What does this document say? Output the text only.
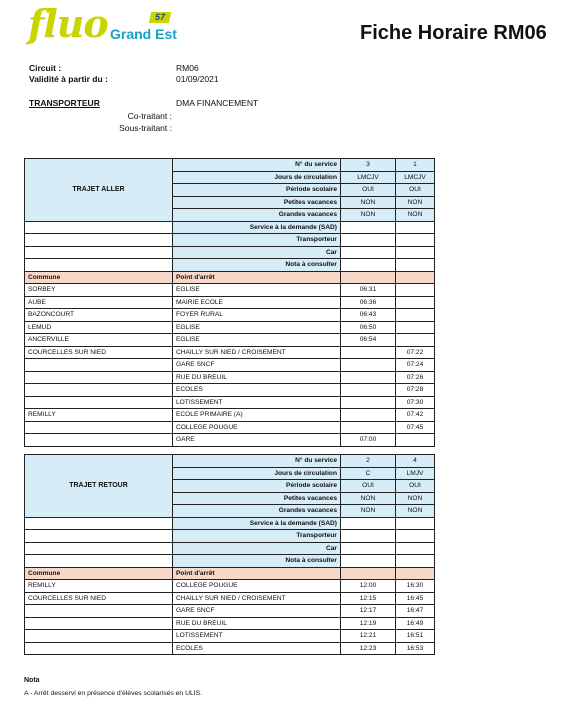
fluo	57
Grand Est	Fiche Horaire RM06
Circuit :	RM06
Validité à partir du :	01/09/2021
TRANSPORTEUR	DMA FINANCEMENT
Co-traitant :
Sous-traitant :
TRAJET ALLER	N° du service	3	1
	Jours de circulation	LMCJV	LMCJV
	Période scolaire	OUI	OUI
	Petites vacances	NON	NON
	Grandes vacances	NON	NON
	Service à la demande (SAD)		
	Transporteur		
	Car		
	Nota à consulter		
Commune	Point d'arrêt		
SORBEY	EGLISE	06:31	
AUBE	MAIRIE ECOLE	06:36	
BAZONCOURT	FOYER RURAL	06:43	
LEMUD	EGLISE	06:50	
ANCERVILLE	EGLISE	06:54	
COURCELLES SUR NIED	CHAILLY SUR NIED / CROISEMENT		07:22
	GARE SNCF		07:24
	RUE DU BREUIL		07:26
	ECOLES		07:28
	LOTISSEMENT		07:30
REMILLY	ECOLE PRIMAIRE (A)		07:42
	COLLEGE POUGUE		07:45
	GARE	07:00	
TRAJET RETOUR	N° du service	2	4
	Jours de circulation	C	LMJV
	Période scolaire	OUI	OUI
	Petites vacances	NON	NON
	Grandes vacances	NON	NON
	Service à la demande (SAD)		
	Transporteur		
	Car		
	Nota à consulter		
Commune	Point d'arrêt		
REMILLY	COLLEGE POUGUE	12:00	16:30
COURCELLES SUR NIED	CHAILLY SUR NIED / CROISEMENT	12:15	16:45
	GARE SNCF	12:17	16:47
	RUE DU BREUIL	12:19	16:49
	LOTISSEMENT	12:21	16:51
	ECOLES	12:23	16:53
Nota
A - Arrêt desservi en présence d'élèves scolarisés en ULIS.
